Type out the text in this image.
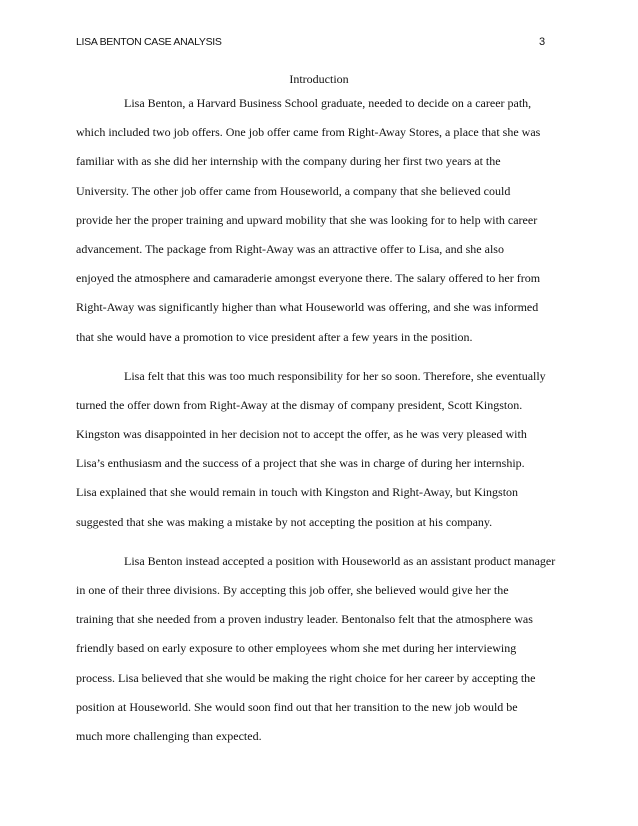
LISA BENTON CASE ANALYSIS	3
Introduction
Lisa Benton, a Harvard Business School graduate, needed to decide on a career path,
which included two job offers. One job offer came from Right-Away Stores, a place that she was
familiar with as she did her internship with the company during her first two years at the
University. The other job offer came from Houseworld, a company that she believed could
provide her the proper training and upward mobility that she was looking for to help with career
advancement. The package from Right-Away was an attractive offer to Lisa, and she also
enjoyed the atmosphere and camaraderie amongst everyone there. The salary offered to her from
Right-Away was significantly higher than what Houseworld was offering, and she was informed
that she would have a promotion to vice president after a few years in the position.
Lisa felt that this was too much responsibility for her so soon. Therefore, she eventually
turned the offer down from Right-Away at the dismay of company president, Scott Kingston.
Kingston was disappointed in her decision not to accept the offer, as he was very pleased with
Lisa’s enthusiasm and the success of a project that she was in charge of during her internship.
Lisa explained that she would remain in touch with Kingston and Right-Away, but Kingston
suggested that she was making a mistake by not accepting the position at his company.
Lisa Benton instead accepted a position with Houseworld as an assistant product manager
in one of their three divisions. By accepting this job offer, she believed would give her the
training that she needed from a proven industry leader. Bentonalso felt that the atmosphere was
friendly based on early exposure to other employees whom she met during her interviewing
process. Lisa believed that she would be making the right choice for her career by accepting the
position at Houseworld. She would soon find out that her transition to the new job would be
much more challenging than expected.
